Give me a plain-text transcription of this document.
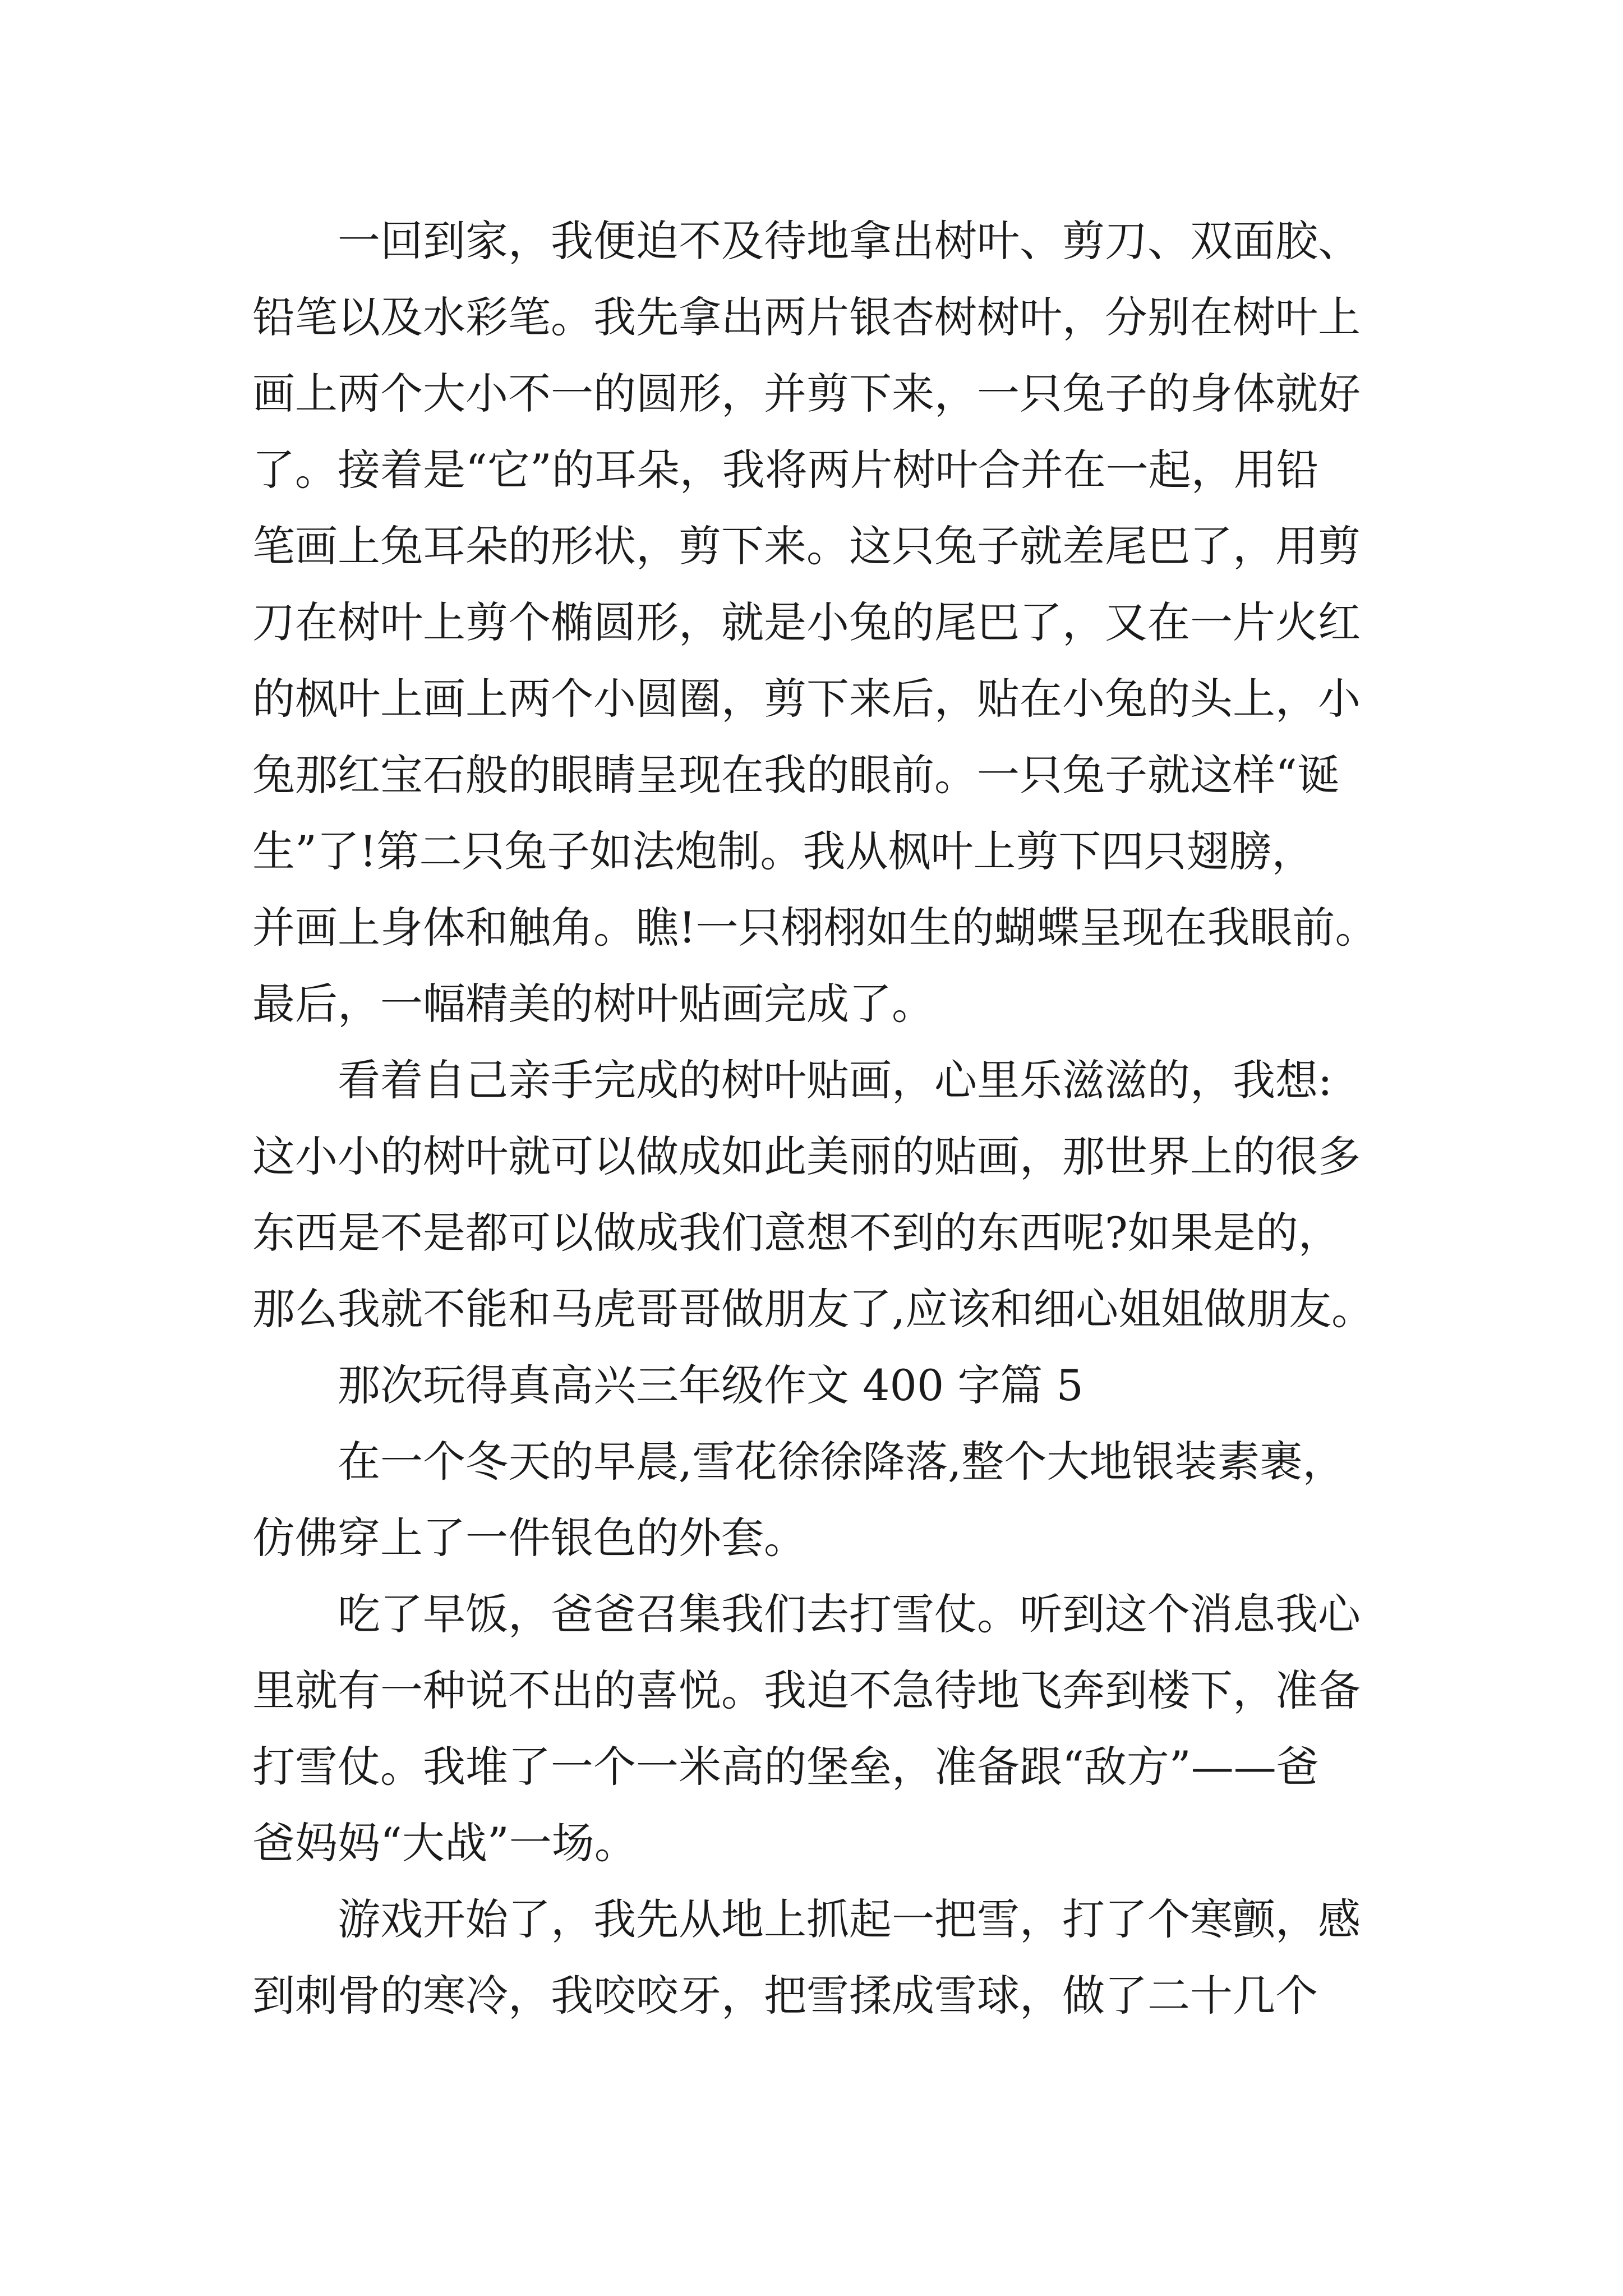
一回到家，我便迫不及待地拿出树叶、剪刀、双面胶、
铅笔以及水彩笔。我先拿出两片银杏树树叶，分别在树叶上
画上两个大小不一的圆形，并剪下来，一只兔子的身体就好
了。接着是“它”的耳朵，我将两片树叶合并在一起，用铅
笔画上兔耳朵的形状，剪下来。这只兔子就差尾巴了，用剪
刀在树叶上剪个椭圆形，就是小兔的尾巴了，又在一片火红
的枫叶上画上两个小圆圈，剪下来后，贴在小兔的头上，小
兔那红宝石般的眼睛呈现在我的眼前。一只兔子就这样“诞
生”了!第二只兔子如法炮制。我从枫叶上剪下四只翅膀，
并画上身体和触角。瞧!一只栩栩如生的蝴蝶呈现在我眼前。
最后，一幅精美的树叶贴画完成了。

看着自己亲手完成的树叶贴画，心里乐滋滋的，我想:
这小小的树叶就可以做成如此美丽的贴画，那世界上的很多
东西是不是都可以做成我们意想不到的东西呢?如果是的，
那么我就不能和马虎哥哥做朋友了,应该和细心姐姐做朋友。

那次玩得真高兴三年级作文 400 字篇 5

在一个冬天的早晨,雪花徐徐降落,整个大地银装素裹，
仿佛穿上了一件银色的外套。

吃了早饭，爸爸召集我们去打雪仗。听到这个消息我心
里就有一种说不出的喜悦。我迫不急待地飞奔到楼下，准备
打雪仗。我堆了一个一米高的堡垒，准备跟“敌方”——爸
爸妈妈“大战”一场。

游戏开始了，我先从地上抓起一把雪，打了个寒颤，感
到刺骨的寒冷，我咬咬牙，把雪揉成雪球，做了二十几个
